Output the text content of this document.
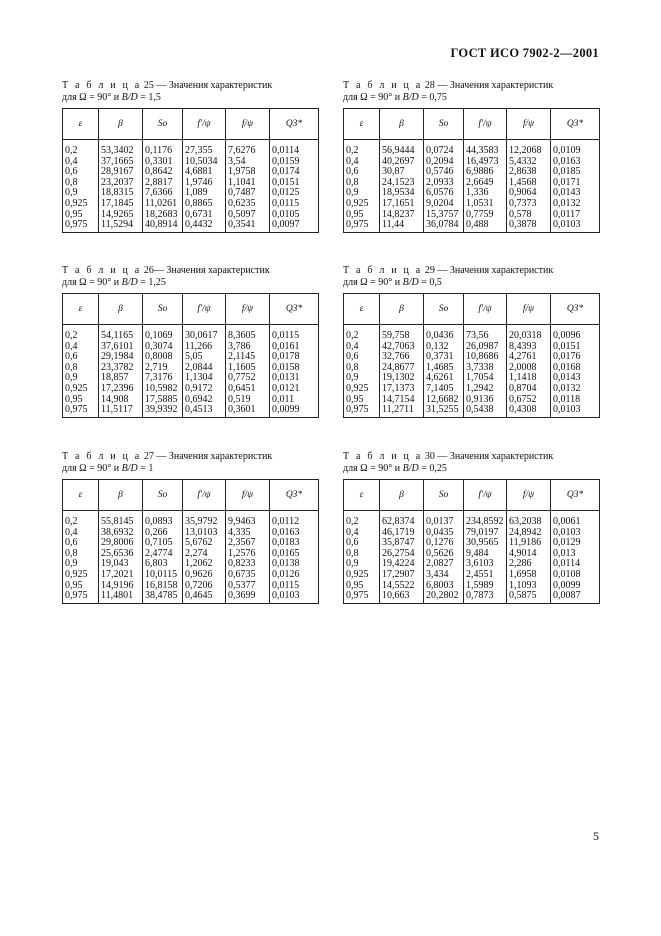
ГОСТ ИСО 7902-2—2001
Т а б л и ц а 25 — Значения характеристик
для Ω = 90° и B/D = 1,5
ε	β	So	f′/ψ	f/ψ	Q3*
0,2	53,3402	0,1176	27,355	7,6276	0,0114
0,4	37,1665	0,3301	10,5034	3,54	0,0159
0,6	28,9167	0,8642	4,6881	1,9758	0,0174
0,8	23,2037	2,8817	1,9746	1,1041	0,0151
0,9	18,8315	7,6366	1,089	0,7487	0,0125
0,925	17,1845	11,0261	0,8865	0,6235	0,0115
0,95	14,9265	18,2683	0,6731	0,5097	0,0105
0,975	11,5294	40,8914	0,4432	0,3541	0,0097
Т а б л и ц а 28 — Значения характеристик
для Ω = 90° и B/D = 0,75
ε	β	So	f′/ψ	f/ψ	Q3*
0,2	56,9444	0,0724	44,3583	12,2068	0,0109
0,4	40,2697	0,2094	16,4973	5,4332	0,0163
0,6	30,87	0,5746	6,9886	2,8638	0,0185
0,8	24,1523	2,0933	2,6649	1,4568	0,0171
0,9	18,9534	6,0576	1,336	0,9064	0,0143
0,925	17,1651	9,0204	1,0531	0,7373	0,0132
0,95	14,8237	15,3757	0,7759	0,578	0,0117
0,975	11,44	36,0784	0,488	0,3878	0,0103
Т а б л и ц а 26— Значения характеристик
для Ω = 90° и B/D = 1,25
ε	β	So	f′/ψ	f/ψ	Q3*
0,2	54,1165	0,1069	30,0617	8,3605	0,0115
0,4	37,6101	0,3074	11,266	3,786	0,0161
0,6	29,1984	0,8008	5,05	2,1145	0,0178
0,8	23,3782	2,719	2,0844	1,1605	0,0158
0,9	18,857	7,3176	1,1304	0,7752	0,0131
0,925	17,2396	10,5982	0,9172	0,6451	0,0121
0,95	14,908	17,5885	0,6942	0,519	0,011
0,975	11,5117	39,9392	0,4513	0,3601	0,0099
Т а б л и ц а 29 — Значения характеристик
для Ω = 90° и B/D = 0,5
ε	β	So	f′/ψ	f/ψ	Q3*
0,2	59,758	0,0436	73,56	20,0318	0,0096
0,4	42,7063	0,132	26,0987	8,4393	0,0151
0,6	32,766	0,3731	10,8686	4,2761	0,0176
0,8	24,8677	1,4685	3,7338	2,0008	0,0168
0,9	19,1302	4,6261	1,7054	1,1418	0,0143
0,925	17,1373	7,1405	1,2942	0,8704	0,0132
0,95	14,7154	12,6682	0,9136	0,6752	0,0118
0,975	11,2711	31,5255	0,5438	0,4308	0,0103
Т а б л и ц а 27 — Значения характеристик
для Ω = 90° и B/D = 1
ε	β	So	f′/ψ	f/ψ	Q3*
0,2	55,8145	0,0893	35,9792	9,9463	0,0112
0,4	38,6932	0,266	13,0103	4,335	0,0163
0,6	29,8006	0,7105	5,6762	2,3567	0,0183
0,8	25,6536	2,4774	2,274	1,2576	0,0165
0,9	19,043	6,803	1,2062	0,8233	0,0138
0,925	17,2021	10,0115	0,9626	0,6735	0,0126
0,95	14,9196	16,8158	0,7206	0,5377	0,0115
0,975	11,4801	38,4785	0,4645	0,3699	0,0103
Т а б л и ц а 30 — Значения характеристик
для Ω = 90° и B/D = 0,25
ε	β	So	f′/ψ	f/ψ	Q3*
0,2	62,8374	0,0137	234,8592	63,2038	0,0061
0,4	46,1719	0,0435	79,0197	24,8942	0,0103
0,6	35,8747	0,1276	30,9565	11,9186	0,0129
0,8	26,2754	0,5626	9,484	4,9014	0,013
0,9	19,4224	2,0827	3,6103	2,286	0,0114
0,925	17,2907	3,434	2,4551	1,6958	0,0108
0,95	14,5522	6,8003	1,5989	1,1093	0,0099
0,975	10,663	20,2802	0,7873	0,5875	0,0087
5
